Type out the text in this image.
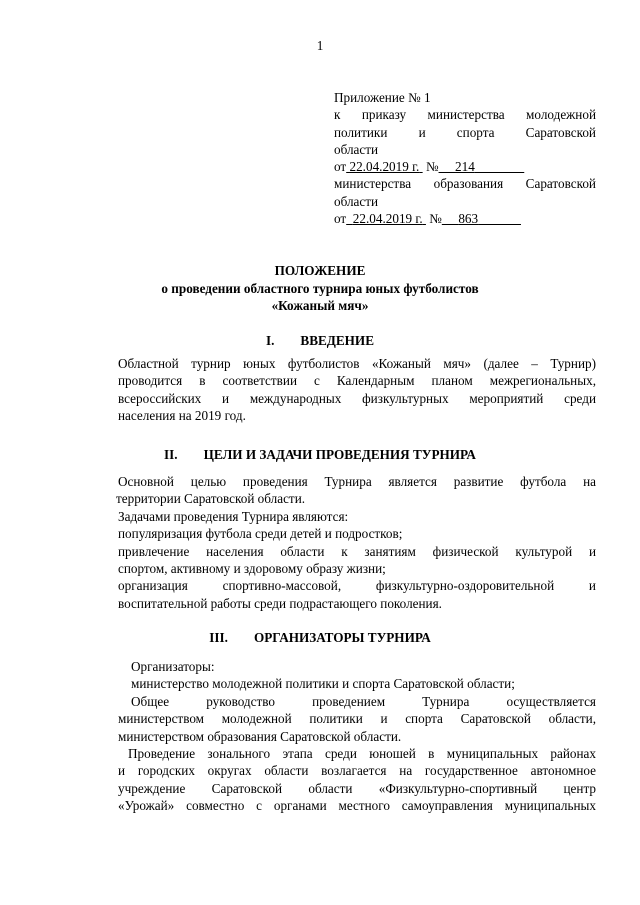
1
Приложение № 1
к приказу министерства молодежной
политики и спорта Саратовской
области
от 22.04.2019 г. № 214
министерства образования Саратовской
области
от 22.04.2019 г. № 863
ПОЛОЖЕНИЕ
о проведении областного турнира юных футболистов
«Кожаный мяч»
I. ВВЕДЕНИЕ
Областной турнир юных футболистов «Кожаный мяч» (далее – Турнир)
проводится в соответствии с Календарным планом межрегиональных,
всероссийских и международных физкультурных мероприятий среди
населения на 2019 год.
II. ЦЕЛИ И ЗАДАЧИ ПРОВЕДЕНИЯ ТУРНИРА
Основной целью проведения Турнира является развитие футбола на
территории Саратовской области.
Задачами проведения Турнира являются:
популяризация футбола среди детей и подростков;
привлечение населения области к занятиям физической культурой и
спортом, активному и здоровому образу жизни;
организация спортивно-массовой, физкультурно-оздоровительной и
воспитательной работы среди подрастающего поколения.
III. ОРГАНИЗАТОРЫ ТУРНИРА
Организаторы:
министерство молодежной политики и спорта Саратовской области;
Общее руководство проведением Турнира осуществляется
министерством молодежной политики и спорта Саратовской области,
министерством образования Саратовской области.
Проведение зонального этапа среди юношей в муниципальных районах
и городских округах области возлагается на государственное автономное
учреждение Саратовской области «Физкультурно-спортивный центр
«Урожай» совместно с органами местного самоуправления муниципальных
